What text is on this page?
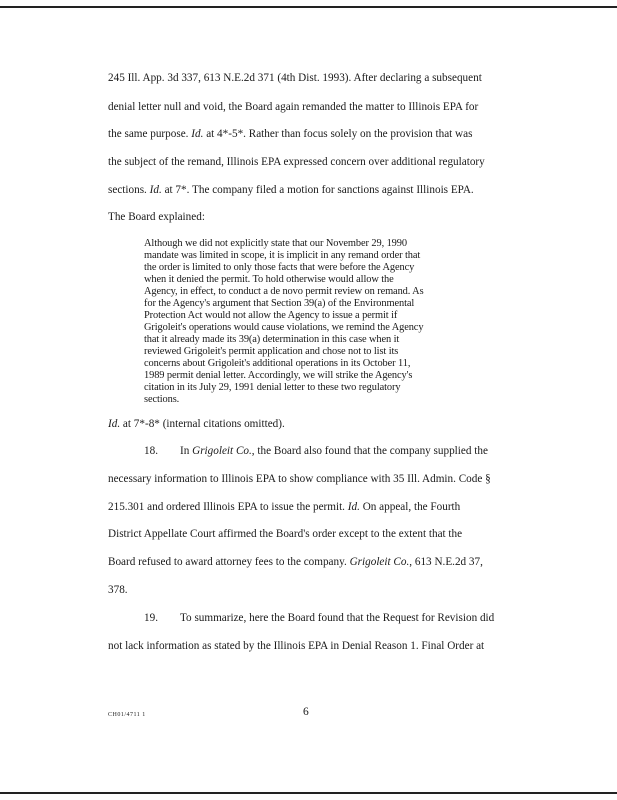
245 Ill. App. 3d 337, 613 N.E.2d 371 (4th Dist. 1993). After declaring a subsequent
denial letter null and void, the Board again remanded the matter to Illinois EPA for
the same purpose. Id. at 4*-5*. Rather than focus solely on the provision that was
the subject of the remand, Illinois EPA expressed concern over additional regulatory
sections. Id. at 7*. The company filed a motion for sanctions against Illinois EPA.
The Board explained:
Although we did not explicitly state that our November 29, 1990
mandate was limited in scope, it is implicit in any remand order that
the order is limited to only those facts that were before the Agency
when it denied the permit. To hold otherwise would allow the
Agency, in effect, to conduct a de novo permit review on remand. As
for the Agency's argument that Section 39(a) of the Environmental
Protection Act would not allow the Agency to issue a permit if
Grigoleit's operations would cause violations, we remind the Agency
that it already made its 39(a) determination in this case when it
reviewed Grigoleit's permit application and chose not to list its
concerns about Grigoleit's additional operations in its October 11,
1989 permit denial letter. Accordingly, we will strike the Agency's
citation in its July 29, 1991 denial letter to these two regulatory
sections.
Id. at 7*-8* (internal citations omitted).
18. In Grigoleit Co., the Board also found that the company supplied the
necessary information to Illinois EPA to show compliance with 35 Ill. Admin. Code §
215.301 and ordered Illinois EPA to issue the permit. Id. On appeal, the Fourth
District Appellate Court affirmed the Board's order except to the extent that the
Board refused to award attorney fees to the company. Grigoleit Co., 613 N.E.2d 37,
378.
19. To summarize, here the Board found that the Request for Revision did
not lack information as stated by the Illinois EPA in Denial Reason 1. Final Order at
CH01/4711 1	6
